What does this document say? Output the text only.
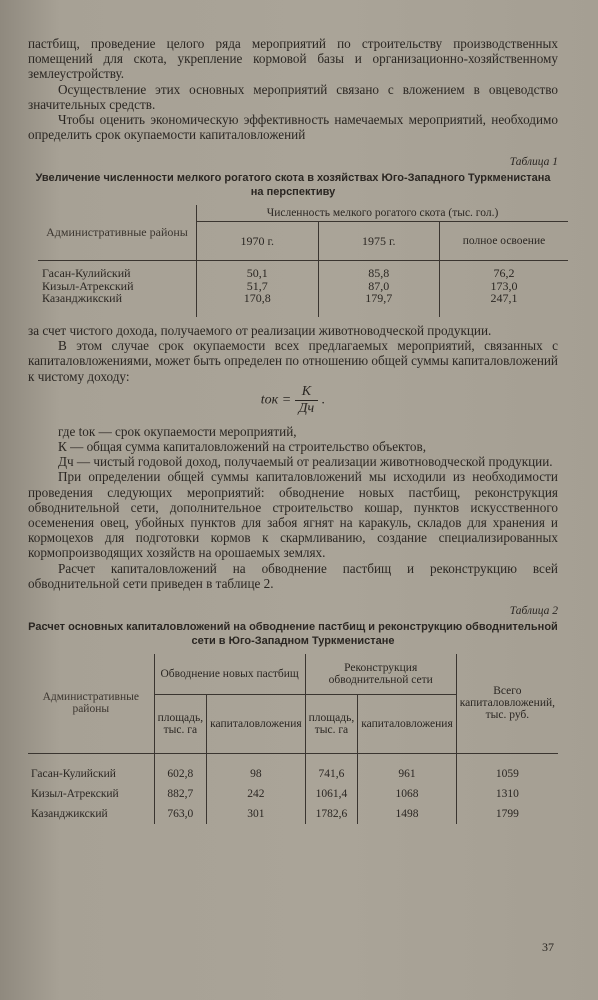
пастбищ, проведение целого ряда мероприятий по строительству производственных помещений для скота, укрепление кормовой базы и организационно-хозяйственному землеустройству.

Осуществление этих основных мероприятий связано с вложением в овцеводство значительных средств.

Чтобы оценить экономическую эффективность намечаемых мероприятий, необходимо определить срок окупаемости капиталовложений

Таблица 1
Увеличение численности мелкого рогатого скота в хозяйствах Юго-Западного Туркменистана на перспективу
Административные районы	Численность мелкого рогатого скота (тыс. гол.)		
	1970 г.	1975 г.	полное освоение

Гасан-Кулийский	50,1	85,8	76,2
Кизыл-Атрекский	51,7	87,0	173,0
Казанджикский	170,8	179,7	247,1

за счет чистого дохода, получаемого от реализации животноводческой продукции.

В этом случае срок окупаемости всех предлагаемых мероприятий, связанных с капиталовложениями, может быть определен по отношению общей суммы капиталовложений к чистому доходу:

tок = $\frac{К}{Дч}$ .

где tок — срок окупаемости мероприятий,

К — общая сумма капиталовложений на строительство объектов,

Дч — чистый годовой доход, получаемый от реализации животноводческой продукции.

При определении общей суммы капиталовложений мы исходили из необходимости проведения следующих мероприятий: обводнение новых пастбищ, реконструкция обводнительной сети, дополнительное строительство кошар, пунктов искусственного осеменения овец, убойных пунктов для забоя ягнят на каракуль, складов для хранения и кормоцехов для подготовки кормов к скармливанию, создание специализированных кормопроизводящих хозяйств на орошаемых землях.

Расчет капиталовложений на обводнение пастбищ и реконструкцию всей обводнительной сети приведен в таблице 2.

Таблица 2
Расчет основных капиталовложений на обводнение пастбищ и реконструкцию обводнительной сети в Юго-Западном Туркменистане
Административные районы	Обводнение новых пастбищ		Реконструкция обводнительной сети		Всего капиталовложений, тыс. руб.
	площадь, тыс. га	капиталовложения	площадь, тыс. га	капиталовложения	

Гасан-Кулийский	602,8	98	741,6	961	1059
Кизыл-Атрекский	882,7	242	1061,4	1068	1310
Казанджикский	763,0	301	1782,6	1498	1799
37
